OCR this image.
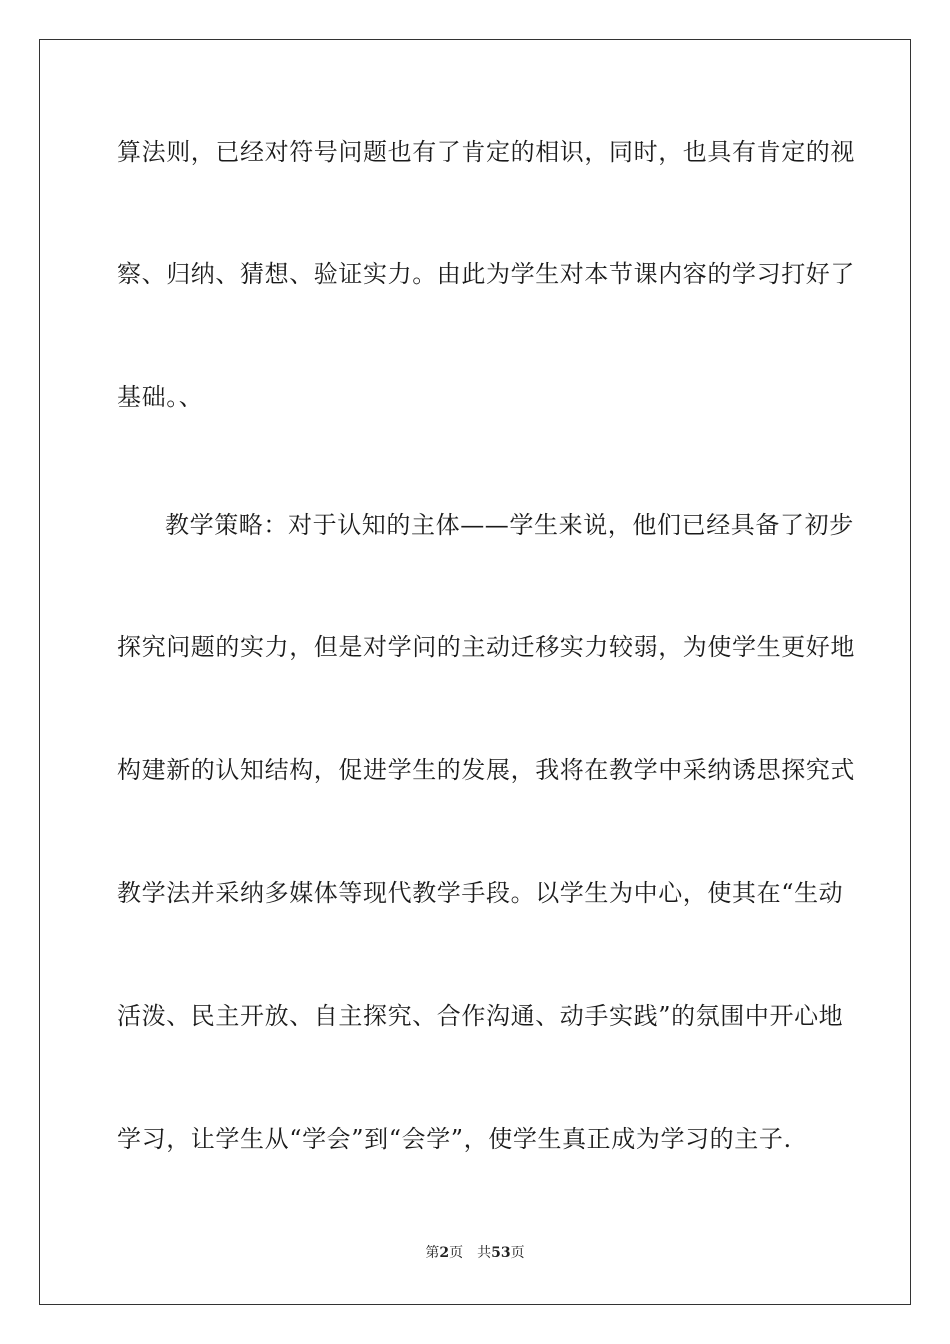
算法则，已经对符号问题也有了肯定的相识，同时，也具有肯定的视
察、归纳、猜想、验证实力。由此为学生对本节课内容的学习打好了
基础。、
教学策略：对于认知的主体——学生来说，他们已经具备了初步
探究问题的实力，但是对学问的主动迁移实力较弱，为使学生更好地
构建新的认知结构，促进学生的发展，我将在教学中采纳诱思探究式
教学法并采纳多媒体等现代教学手段。以学生为中心，使其在“生动
活泼、民主开放、自主探究、合作沟通、动手实践”的氛围中开心地
学习，让学生从“学会”到“会学”，使学生真正成为学习的主子.
第2页 共53页
